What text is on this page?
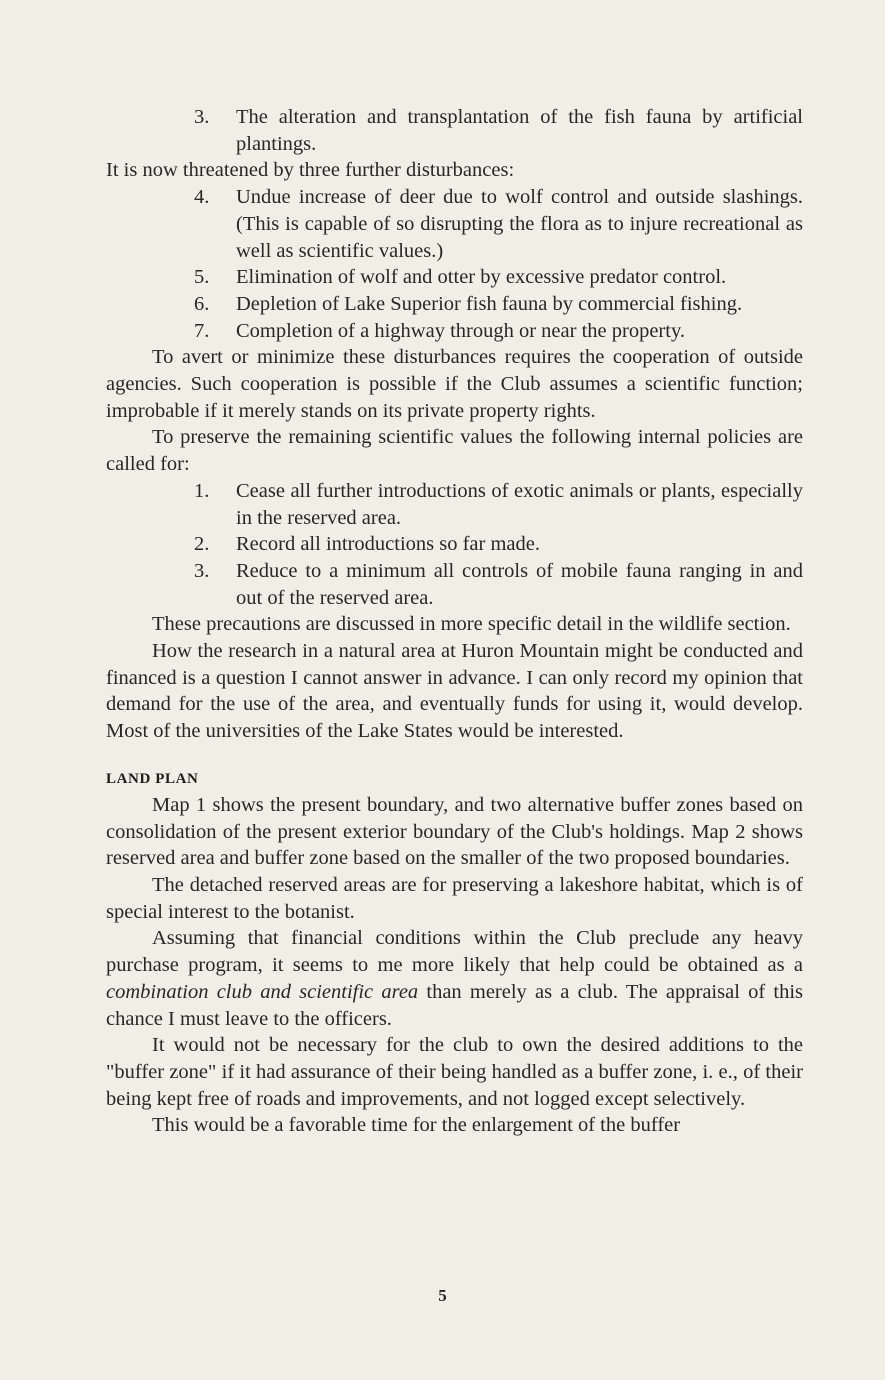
3. The alteration and transplantation of the fish fauna by artificial plantings.

It is now threatened by three further disturbances:

4. Undue increase of deer due to wolf control and outside slashings. (This is capable of so disrupting the flora as to injure recreational as well as scientific values.)
5. Elimination of wolf and otter by excessive predator control.
6. Depletion of Lake Superior fish fauna by commercial fishing.
7. Completion of a highway through or near the property.

To avert or minimize these disturbances requires the cooperation of outside agencies. Such cooperation is possible if the Club assumes a scientific function; improbable if it merely stands on its private property rights.

To preserve the remaining scientific values the following internal policies are called for:

1. Cease all further introductions of exotic animals or plants, especially in the reserved area.
2. Record all introductions so far made.
3. Reduce to a minimum all controls of mobile fauna ranging in and out of the reserved area.

These precautions are discussed in more specific detail in the wildlife section.

How the research in a natural area at Huron Mountain might be conducted and financed is a question I cannot answer in advance. I can only record my opinion that demand for the use of the area, and eventually funds for using it, would develop. Most of the universities of the Lake States would be interested.

LAND PLAN

Map 1 shows the present boundary, and two alternative buffer zones based on consolidation of the present exterior boundary of the Club's holdings. Map 2 shows reserved area and buffer zone based on the smaller of the two proposed boundaries.

The detached reserved areas are for preserving a lakeshore habitat, which is of special interest to the botanist.

Assuming that financial conditions within the Club preclude any heavy purchase program, it seems to me more likely that help could be obtained as a combination club and scientific area than merely as a club. The appraisal of this chance I must leave to the officers.

It would not be necessary for the club to own the desired additions to the "buffer zone" if it had assurance of their being handled as a buffer zone, i. e., of their being kept free of roads and improvements, and not logged except selectively.

This would be a favorable time for the enlargement of the buffer

5
